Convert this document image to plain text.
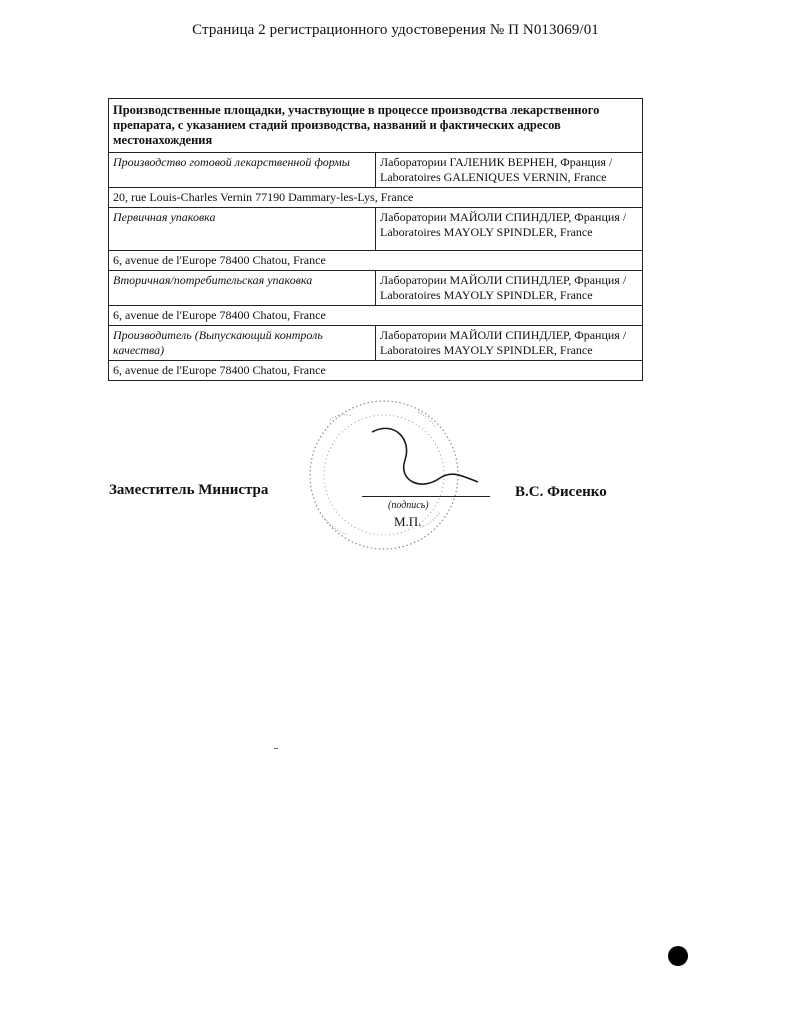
Страница 2 регистрационного удостоверения № П N013069/01
Производственные площадки, участвующие в процессе производства лекарственного препарата, с указанием стадий производства, названий и фактических адресов местонахождения	
Производство готовой лекарственной формы	Лаборатории ГАЛЕНИК ВЕРНЕН, Франция / Laboratoires GALENIQUES VERNIN, France
20, rue Louis-Charles Vernin 77190 Dammary-les-Lys, France	
Первичная упаковка	Лаборатории МАЙОЛИ СПИНДЛЕР, Франция / Laboratoires MAYOLY SPINDLER, France
6, avenue de l'Europe 78400 Chatou, France	
Вторичная/потребительская упаковка	Лаборатории МАЙОЛИ СПИНДЛЕР, Франция / Laboratoires MAYOLY SPINDLER, France
6, avenue de l'Europe 78400 Chatou, France	
Производитель (Выпускающий контроль качества)	Лаборатории МАЙОЛИ СПИНДЛЕР, Франция / Laboratoires MAYOLY SPINDLER, France
6, avenue de l'Europe 78400 Chatou, France	
Заместитель Министра
(подпись)
М.П.
В.С. Фисенко
